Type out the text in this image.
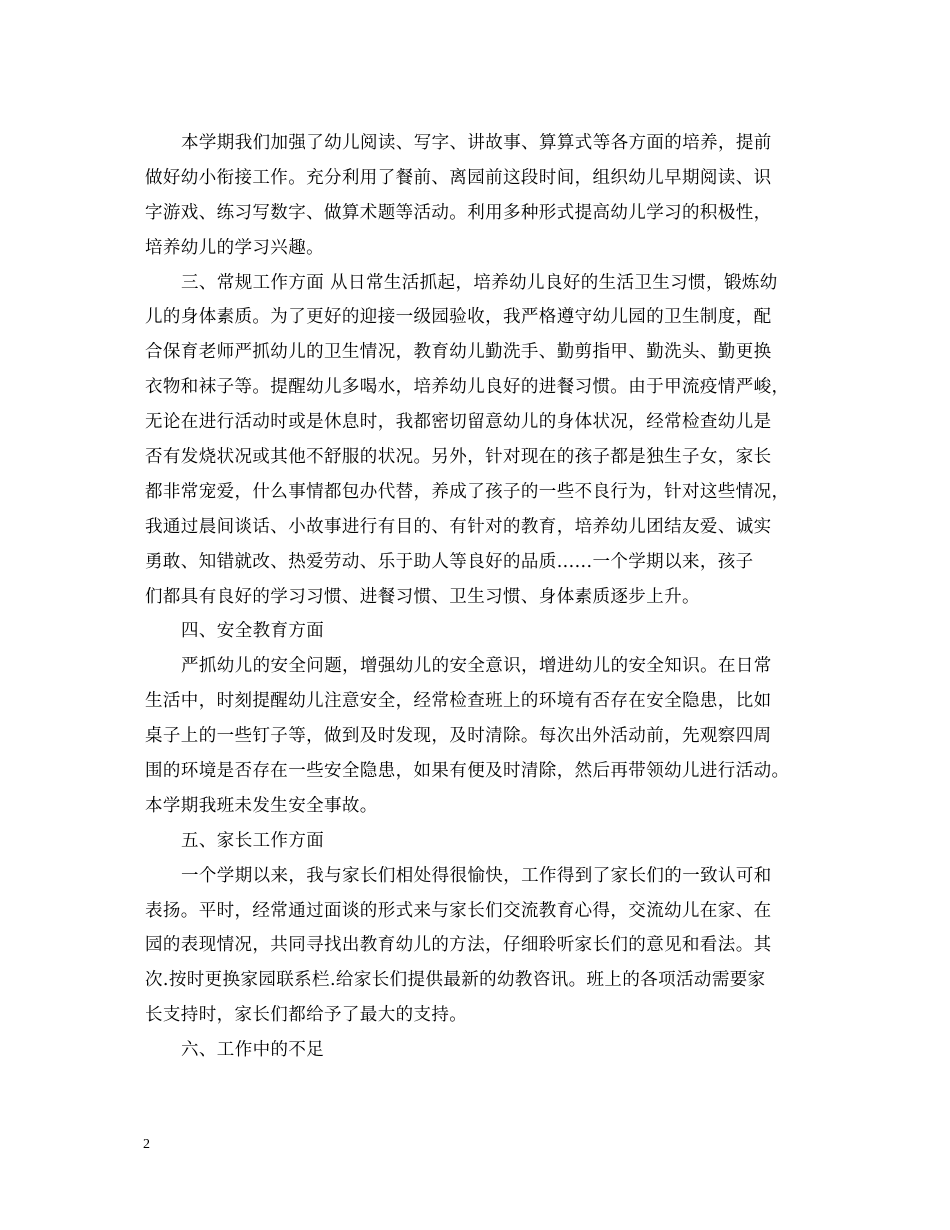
本学期我们加强了幼儿阅读、写字、讲故事、算算式等各方面的培养，提前
做好幼小衔接工作。充分利用了餐前、离园前这段时间，组织幼儿早期阅读、识
字游戏、练习写数字、做算术题等活动。利用多种形式提高幼儿学习的积极性，
培养幼儿的学习兴趣。
三、常规工作方面 从日常生活抓起，培养幼儿良好的生活卫生习惯，锻炼幼
儿的身体素质。为了更好的迎接一级园验收，我严格遵守幼儿园的卫生制度，配
合保育老师严抓幼儿的卫生情况，教育幼儿勤洗手、勤剪指甲、勤洗头、勤更换
衣物和袜子等。提醒幼儿多喝水，培养幼儿良好的进餐习惯。由于甲流疫情严峻，
无论在进行活动时或是休息时，我都密切留意幼儿的身体状况，经常检查幼儿是
否有发烧状况或其他不舒服的状况。另外，针对现在的孩子都是独生子女，家长
都非常宠爱，什么事情都包办代替，养成了孩子的一些不良行为，针对这些情况，
我通过晨间谈话、小故事进行有目的、有针对的教育，培养幼儿团结友爱、诚实
勇敢、知错就改、热爱劳动、乐于助人等良好的品质......一个学期以来，孩子
们都具有良好的学习习惯、进餐习惯、卫生习惯、身体素质逐步上升。
四、安全教育方面
严抓幼儿的安全问题，增强幼儿的安全意识，增进幼儿的安全知识。在日常
生活中，时刻提醒幼儿注意安全，经常检查班上的环境有否存在安全隐患，比如
桌子上的一些钉子等，做到及时发现，及时清除。每次出外活动前，先观察四周
围的环境是否存在一些安全隐患，如果有便及时清除，然后再带领幼儿进行活动。
本学期我班未发生安全事故。
五、家长工作方面
一个学期以来，我与家长们相处得很愉快，工作得到了家长们的一致认可和
表扬。平时，经常通过面谈的形式来与家长们交流教育心得，交流幼儿在家、在
园的表现情况，共同寻找出教育幼儿的方法，仔细聆听家长们的意见和看法。其
次.按时更换家园联系栏.给家长们提供最新的幼教咨讯。班上的各项活动需要家
长支持时，家长们都给予了最大的支持。
六、工作中的不足
2
